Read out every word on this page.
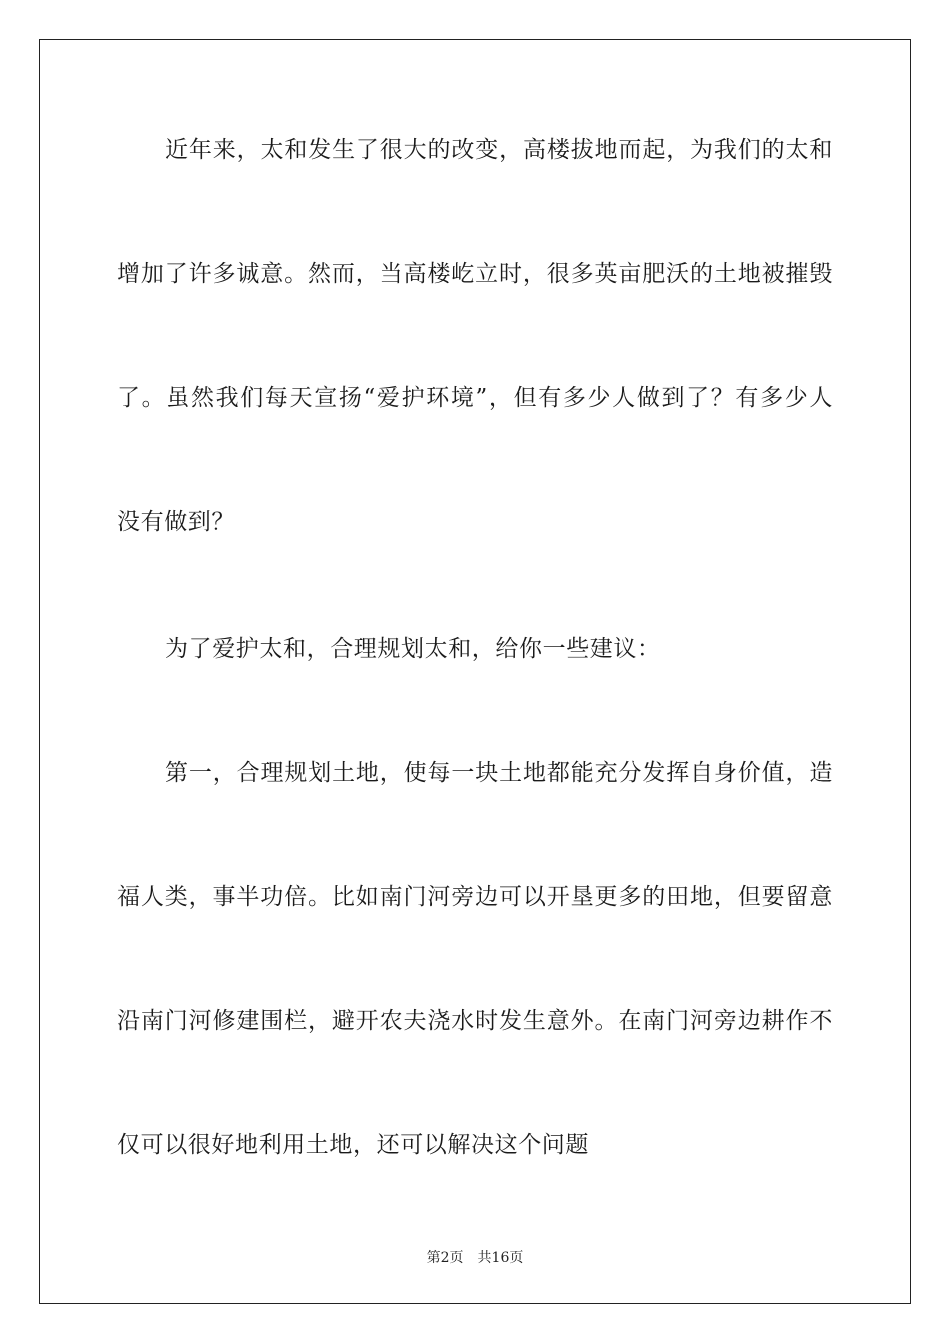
近年来，太和发生了很大的改变，高楼拔地而起，为我们的太和
增加了许多诚意。然而，当高楼屹立时，很多英亩肥沃的土地被摧毁
了。虽然我们每天宣扬“爱护环境”，但有多少人做到了？有多少人
没有做到？
为了爱护太和，合理规划太和，给你一些建议：
第一，合理规划土地，使每一块土地都能充分发挥自身价值，造
福人类，事半功倍。比如南门河旁边可以开垦更多的田地，但要留意
沿南门河修建围栏，避开农夫浇水时发生意外。在南门河旁边耕作不
仅可以很好地利用土地，还可以解决这个问题
第2页 共16页
